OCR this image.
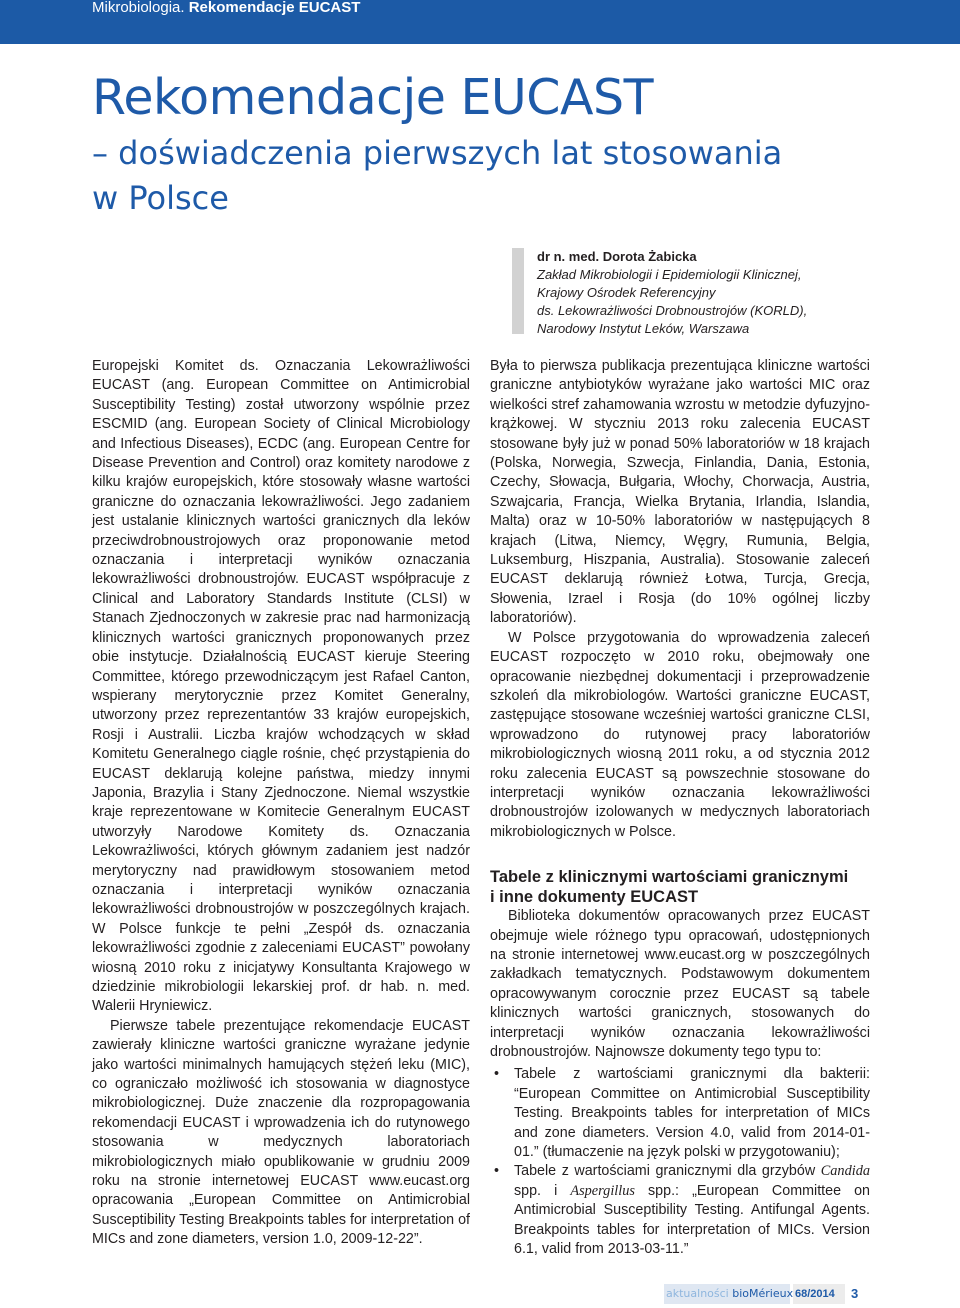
Mikrobiologia. Rekomendacje EUCAST
Rekomendacje EUCAST
– doświadczenia pierwszych lat stosowania
w Polsce
dr n. med. Dorota Żabicka
Zakład Mikrobiologii i Epidemiologii Klinicznej,
Krajowy Ośrodek Referencyjny
ds. Lekowrażliwości Drobnoustrojów (KORLD),
Narodowy Instytut Leków, Warszawa

Europejski Komitet ds. Oznaczania Lekowrażliwości EUCAST (ang. European Committee on Antimicrobial Susceptibility Testing) został utworzony wspólnie przez ESCMID (ang. European Society of Clinical Microbiology and Infectious Diseases), ECDC (ang. European Centre for Disease Prevention and Control) oraz komitety narodowe z kilku krajów europejskich, które stosowały własne wartości graniczne do oznaczania lekowrażliwości. Jego zadaniem jest ustalanie klinicznych wartości granicznych dla leków przeciwdrobnoustrojowych oraz proponowanie metod oznaczania i interpretacji wyników oznaczania lekowrażliwości drobnoustrojów. EUCAST współpracuje z Clinical and Laboratory Standards Institute (CLSI) w Stanach Zjednoczonych w zakresie prac nad harmonizacją klinicznych wartości granicznych proponowanych przez obie instytucje. Działalnością EUCAST kieruje Steering Committee, którego przewodniczącym jest Rafael Canton, wspierany merytorycznie przez Komitet Generalny, utworzony przez reprezentantów 33 krajów europejskich, Rosji i Australii. Liczba krajów wchodzących w skład Komitetu Generalnego ciągle rośnie, chęć przystąpienia do EUCAST deklarują kolejne państwa, miedzy innymi Japonia, Brazylia i Stany Zjednoczone. Niemal wszystkie kraje reprezentowane w Komitecie Generalnym EUCAST utworzyły Narodowe Komitety ds. Oznaczania Lekowrażliwości, których głównym zadaniem jest nadzór merytoryczny nad prawidłowym stosowaniem metod oznaczania i interpretacji wyników oznaczania lekowrażliwości drobnoustrojów w poszczególnych krajach. W Polsce funkcje te pełni „Zespół ds. oznaczania lekowrażliwości zgodnie z zaleceniami EUCAST” powołany wiosną 2010 roku z inicjatywy Konsultanta Krajowego w dziedzinie mikrobiologii lekarskiej prof. dr hab. n. med. Walerii Hryniewicz.

Pierwsze tabele prezentujące rekomendacje EUCAST zawierały kliniczne wartości graniczne wyrażane jedynie jako wartości minimalnych hamujących stężeń leku (MIC), co ograniczało możliwość ich stosowania w diagnostyce mikrobiologicznej. Duże znaczenie dla rozpropagowania rekomendacji EUCAST i wprowadzenia ich do rutynowego stosowania w medycznych laboratoriach mikrobiologicznych miało opublikowanie w grudniu 2009 roku na stronie internetowej EUCAST www.eucast.org opracowania „European Committee on Antimicrobial Susceptibility Testing Breakpoints tables for interpretation of MICs and zone diameters, version 1.0, 2009-12-22”.

Była to pierwsza publikacja prezentująca kliniczne wartości graniczne antybiotyków wyrażane jako wartości MIC oraz wielkości stref zahamowania wzrostu w metodzie dyfuzyjno-krążkowej. W styczniu 2013 roku zalecenia EUCAST stosowane były już w ponad 50% laboratoriów w 18 krajach (Polska, Norwegia, Szwecja, Finlandia, Dania, Estonia, Czechy, Słowacja, Bułgaria, Włochy, Chorwacja, Austria, Szwajcaria, Francja, Wielka Brytania, Irlandia, Islandia, Malta) oraz w 10-50% laboratoriów w następujących 8 krajach (Litwa, Niemcy, Węgry, Rumunia, Belgia, Luksemburg, Hiszpania, Australia). Stosowanie zaleceń EUCAST deklarują również Łotwa, Turcja, Grecja, Słowenia, Izrael i Rosja (do 10% ogólnej liczby laboratoriów).

W Polsce przygotowania do wprowadzenia zaleceń EUCAST rozpoczęto w 2010 roku, obejmowały one opracowanie niezbędnej dokumentacji i przeprowadzenie szkoleń dla mikrobiologów. Wartości graniczne EUCAST, zastępujące stosowane wcześniej wartości graniczne CLSI, wprowadzono do rutynowej pracy laboratoriów mikrobiologicznych wiosną 2011 roku, a od stycznia 2012 roku zalecenia EUCAST są powszechnie stosowane do interpretacji wyników oznaczania lekowrażliwości drobnoustrojów izolowanych w medycznych laboratoriach mikrobiologicznych w Polsce.

Tabele z klinicznymi wartościami granicznymi
i inne dokumenty EUCAST

Biblioteka dokumentów opracowanych przez EUCAST obejmuje wiele różnego typu opracowań, udostępnionych na stronie internetowej www.eucast.org w poszczególnych zakładkach tematycznych. Podstawowym dokumentem opracowywanym corocznie przez EUCAST są tabele klinicznych wartości granicznych, stosowanych do interpretacji wyników oznaczania lekowrażliwości drobnoustrojów. Najnowsze dokumenty tego typu to:

• Tabele z wartościami granicznymi dla bakterii: “European Committee on Antimicrobial Susceptibility Testing. Breakpoints tables for interpretation of MICs and zone diameters. Version 4.0, valid from 2014-01-01.” (tłumaczenie na język polski w przygotowaniu);
• Tabele z wartościami granicznymi dla grzybów Candida spp. i Aspergillus spp.: „European Committee on Antimicrobial Susceptibility Testing. Antifungal Agents. Breakpoints tables for interpretation of MICs. Version 6.1, valid from 2013-03-11.”
aktualności bioMérieux 68/2014 3
